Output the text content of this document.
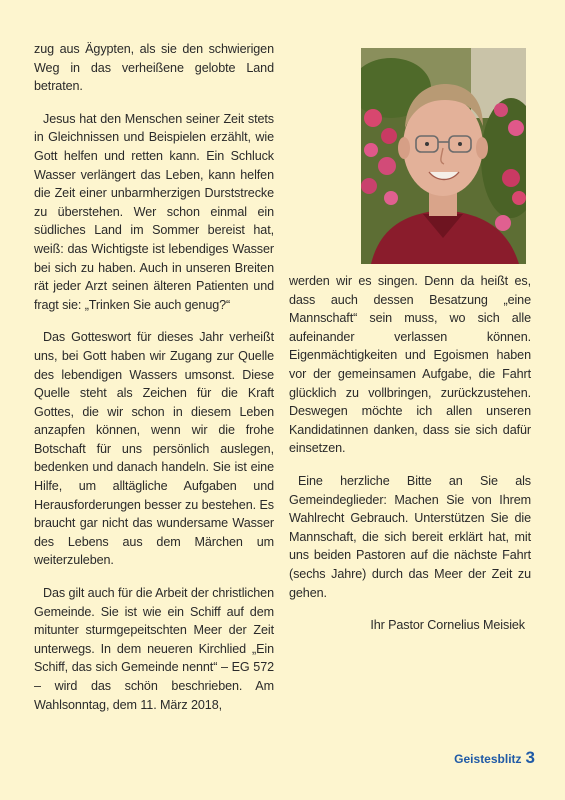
zug aus Ägypten, als sie den schwierigen Weg in das verheißene gelobte Land betraten.

Jesus hat den Menschen seiner Zeit stets in Gleichnissen und Beispielen erzählt, wie Gott helfen und retten kann. Ein Schluck Wasser verlängert das Leben, kann helfen die Zeit einer unbarmherzigen Durststrecke zu überstehen. Wer schon einmal ein südliches Land im Sommer bereist hat, weiß: das Wichtigste ist lebendiges Wasser bei sich zu haben. Auch in unseren Breiten rät jeder Arzt seinen älteren Patienten und fragt sie: „Trinken Sie auch genug?“

Das Gotteswort für dieses Jahr verheißt uns, bei Gott haben wir Zugang zur Quelle des lebendigen Wassers umsonst. Diese Quelle steht als Zeichen für die Kraft Gottes, die wir schon in diesem Leben anzapfen können, wenn wir die frohe Botschaft für uns persönlich auslegen, bedenken und danach handeln. Sie ist eine Hilfe, um alltägliche Aufgaben und Herausforderungen besser zu bestehen. Es braucht gar nicht das wundersame Wasser des Lebens aus dem Märchen um weiterzuleben.

Das gilt auch für die Arbeit der christlichen Gemeinde. Sie ist wie ein Schiff auf dem mitunter sturmgepeitschten Meer der Zeit unterwegs. In dem neueren Kirchlied „Ein Schiff, das sich Gemeinde nennt“ – EG 572 – wird das schön beschrieben. Am Wahlsonntag, dem 11. März 2018,

werden wir es singen. Denn da heißt es, dass auch dessen Besatzung „eine Mannschaft“ sein muss, wo sich alle aufeinander verlassen können. Eigenmächtigkeiten und Egoismen haben vor der gemeinsamen Aufgabe, die Fahrt glücklich zu vollbringen, zurückzustehen. Deswegen möchte ich allen unseren Kandidatinnen danken, dass sie sich dafür einsetzen.

Eine herzliche Bitte an Sie als Gemeindeglieder: Machen Sie von Ihrem Wahlrecht Gebrauch. Unterstützen Sie die Mannschaft, die sich bereit erklärt hat, mit uns beiden Pastoren auf die nächste Fahrt (sechs Jahre) durch das Meer der Zeit zu gehen.

Ihr Pastor Cornelius Meisiek

Geistesblitz 3
